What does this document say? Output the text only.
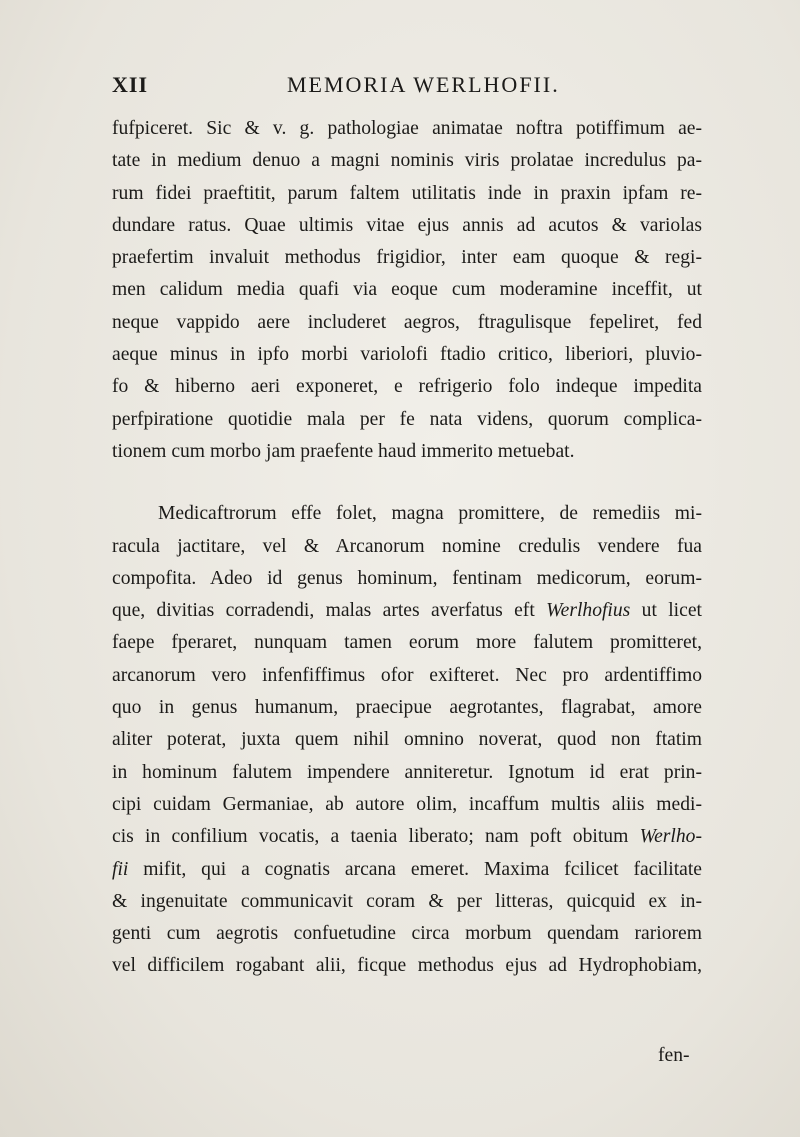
XII	MEMORIA WERLHOFII.
fufpiceret. Sic & v. g. pathologiae animatae noftra potiffimum ae-
tate in medium denuo a magni nominis viris prolatae incredulus pa-
rum fidei praeftitit, parum faltem utilitatis inde in praxin ipfam re-
dundare ratus. Quae ultimis vitae ejus annis ad acutos & variolas
praefertim invaluit methodus frigidior, inter eam quoque & regi-
men calidum media quafi via eoque cum moderamine inceffit, ut
neque vappido aere includeret aegros, ftragulisque fepeliret, fed
aeque minus in ipfo morbi variolofi ftadio critico, liberiori, pluvio-
fo & hiberno aeri exponeret, e refrigerio folo indeque impedita
perfpiratione quotidie mala per fe nata videns, quorum complica-
tionem cum morbo jam praefente haud immerito metuebat.
Medicaftrorum effe folet, magna promittere, de remediis mi-
racula jactitare, vel & Arcanorum nomine credulis vendere fua
compofita. Adeo id genus hominum, fentinam medicorum, eorum-
que, divitias corradendi, malas artes averfatus eft Werlhofius ut licet
faepe fperaret, nunquam tamen eorum more falutem promitteret,
arcanorum vero infenfiffimus ofor exifteret. Nec pro ardentiffimo
quo in genus humanum, praecipue aegrotantes, flagrabat, amore
aliter poterat, juxta quem nihil omnino noverat, quod non ftatim
in hominum falutem impendere anniteretur. Ignotum id erat prin-
cipi cuidam Germaniae, ab autore olim, incaffum multis aliis medi-
cis in confilium vocatis, a taenia liberato; nam poft obitum Werlho-
fii mifit, qui a cognatis arcana emeret. Maxima fcilicet facilitate
& ingenuitate communicavit coram & per litteras, quicquid ex in-
genti cum aegrotis confuetudine circa morbum quendam rariorem
vel difficilem rogabant alii, ficque methodus ejus ad Hydrophobiam,
fen-
